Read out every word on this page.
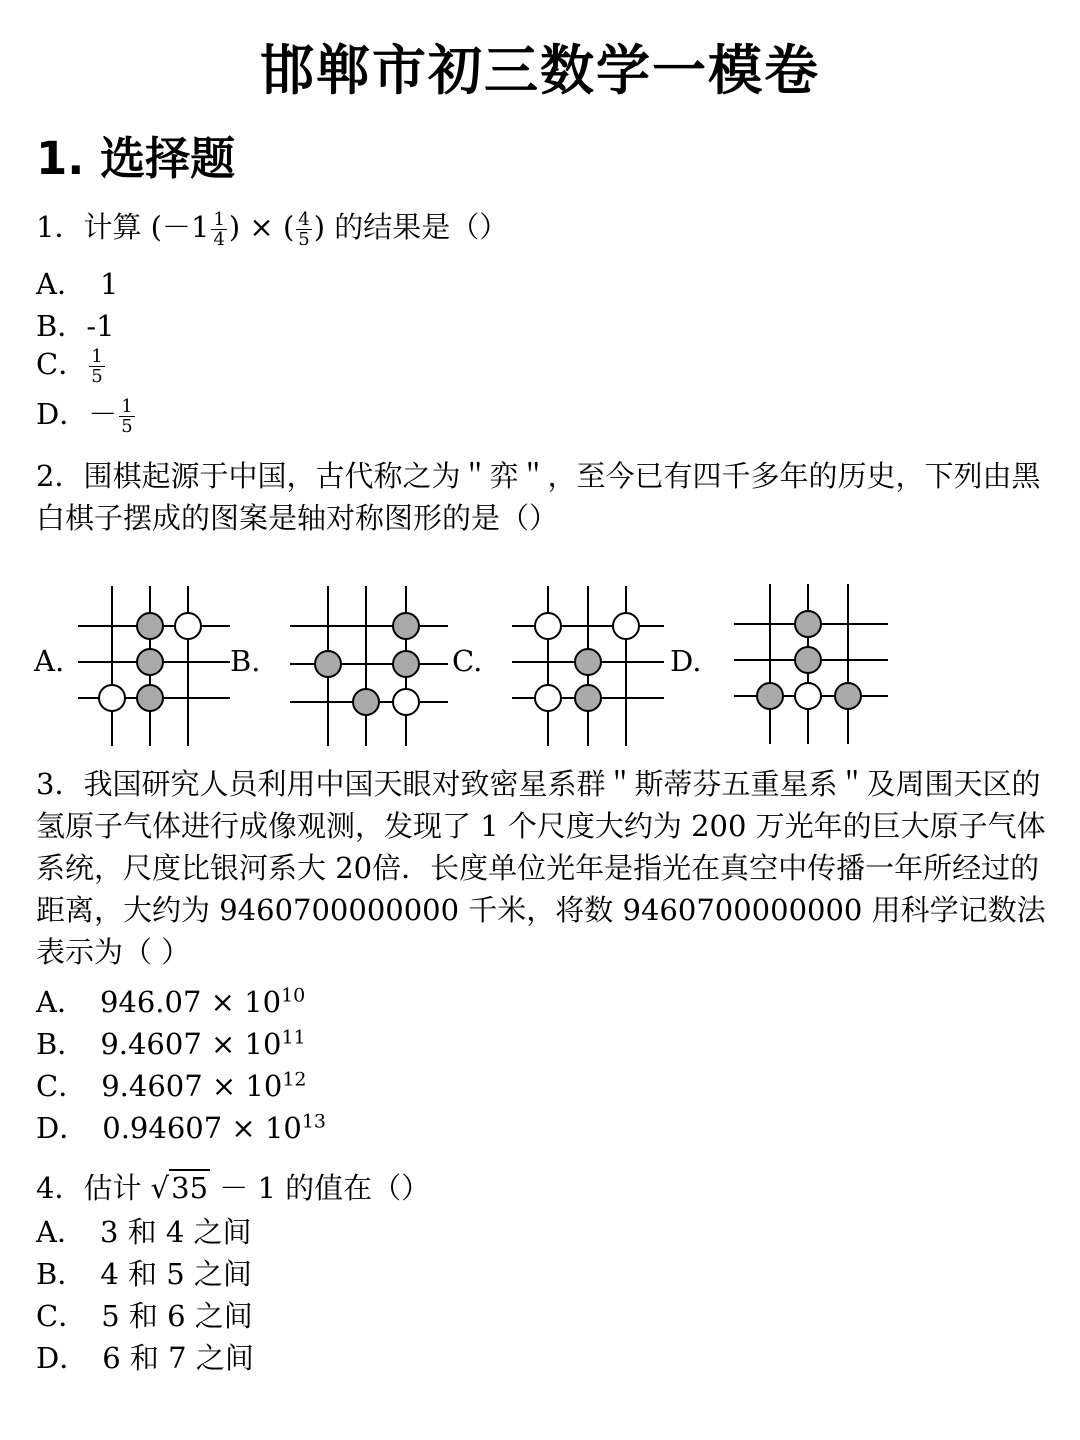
邯郸市初三数学一模卷
1. 选择题
1．计算 ($-1 \frac{1}{4}$ ) × ( $\frac{4}{5}$ ) 的结果是（）
A． 1
B．-1
C． $\frac{1}{5}$
D．－ $\frac{1}{5}$
2．围棋起源于中国，古代称之为＂弈＂，至今已有四千多年的历史，下列由黑白棋子摆成的图案是轴对称图形的是（）
A.	B.	C.	D.
3．我国研究人员利用中国天眼对致密星系群＂斯蒂芬五重星系＂及周围天区的氢原子气体进行成像观测，发现了 1 个尺度大约为 200 万光年的巨大原子气体系统，尺度比银河系大 20倍．长度单位光年是指光在真空中传播一年所经过的距离，大约为 9460700000000 千米，将数 9460700000000 用科学记数法表示为（ ）
A． $946.07 \times 10^{10}$
B． $9.4607 \times 10^{11}$
C． $9.4607 \times 10^{12}$
D． $0.94607 \times 10^{13}$
4．估计 √35 － 1 的值在（）
A． 3 和 4 之间
B． 4 和 5 之间
C． 5 和 6 之间
D． 6 和 7 之间
